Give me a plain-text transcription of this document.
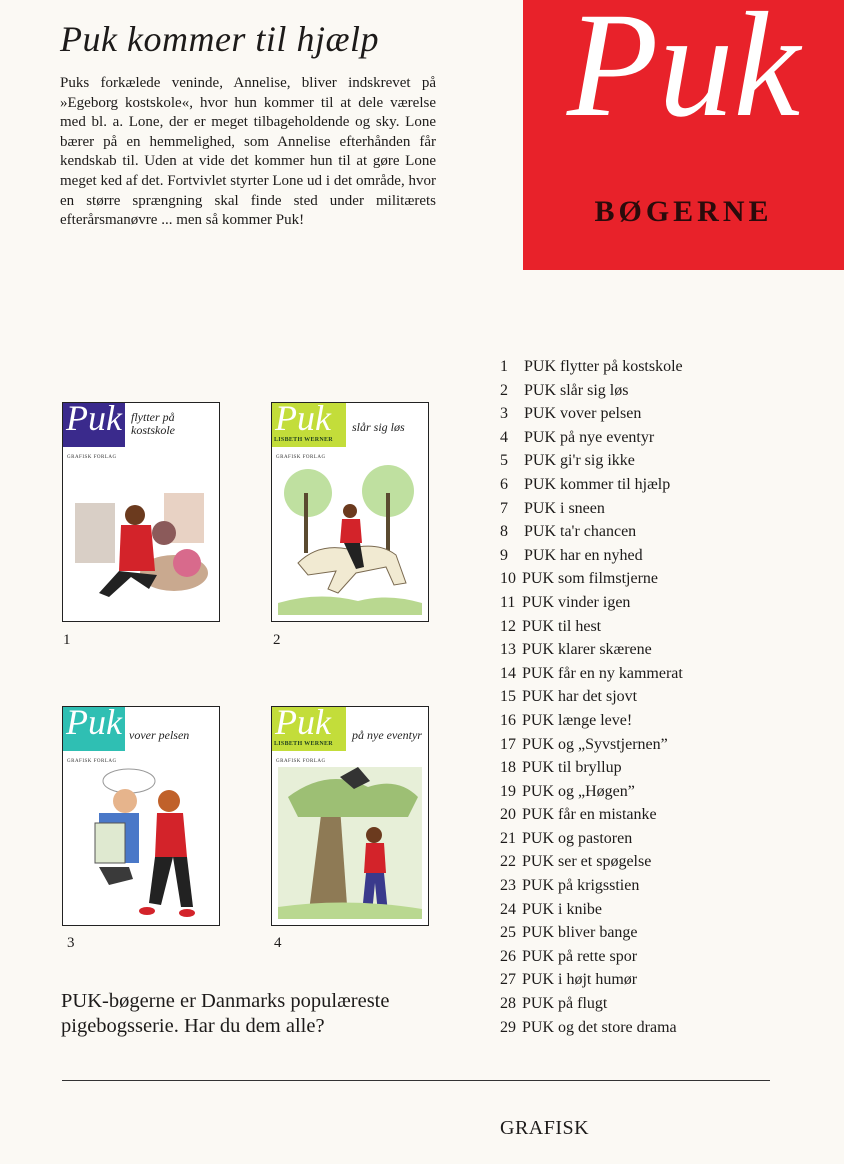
Puk kommer til hjælp

Puks forkælede veninde, Annelise, bliver indskrevet på »Egeborg kostskole«, hvor hun kommer til at dele værelse med bl. a. Lone, der er meget tilbageholdende og sky. Lone bærer på en hemmelighed, som Annelise efterhånden får kendskab til. Uden at vide det kommer hun til at gøre Lone meget ked af det. Fortvivlet styrter Lone ud i det område, hvor en større sprængning skal finde sted under militærets efterårsmanøvre ... men så kommer Puk!

Puk
BØGERNE
Puk flytter på kostskole
GRAFISK FORLAG
1
Puk
LISBETH WERNER
slår sig løs
GRAFISK FORLAG
2
Puk vover pelsen
GRAFISK FORLAG
3
Puk
LISBETH WERNER
på nye eventyr
GRAFISK FORLAG
4
1 PUK flytter på kostskole
2 PUK slår sig løs
3 PUK vover pelsen
4 PUK på nye eventyr
5 PUK gi'r sig ikke
6 PUK kommer til hjælp
7 PUK i sneen
8 PUK ta'r chancen
9 PUK har en nyhed
10 PUK som filmstjerne
11 PUK vinder igen
12 PUK til hest
13 PUK klarer skærene
14 PUK får en ny kammerat
15 PUK har det sjovt
16 PUK længe leve!
17 PUK og „Syvstjernen”
18 PUK til bryllup
19 PUK og „Høgen”
20 PUK får en mistanke
21 PUK og pastoren
22 PUK ser et spøgelse
23 PUK på krigsstien
24 PUK i knibe
25 PUK bliver bange
26 PUK på rette spor
27 PUK i højt humør
28 PUK på flugt
29 PUK og det store drama

PUK-bøgerne er Danmarks populæreste pigebogsserie. Har du dem alle?

GRAFISK
